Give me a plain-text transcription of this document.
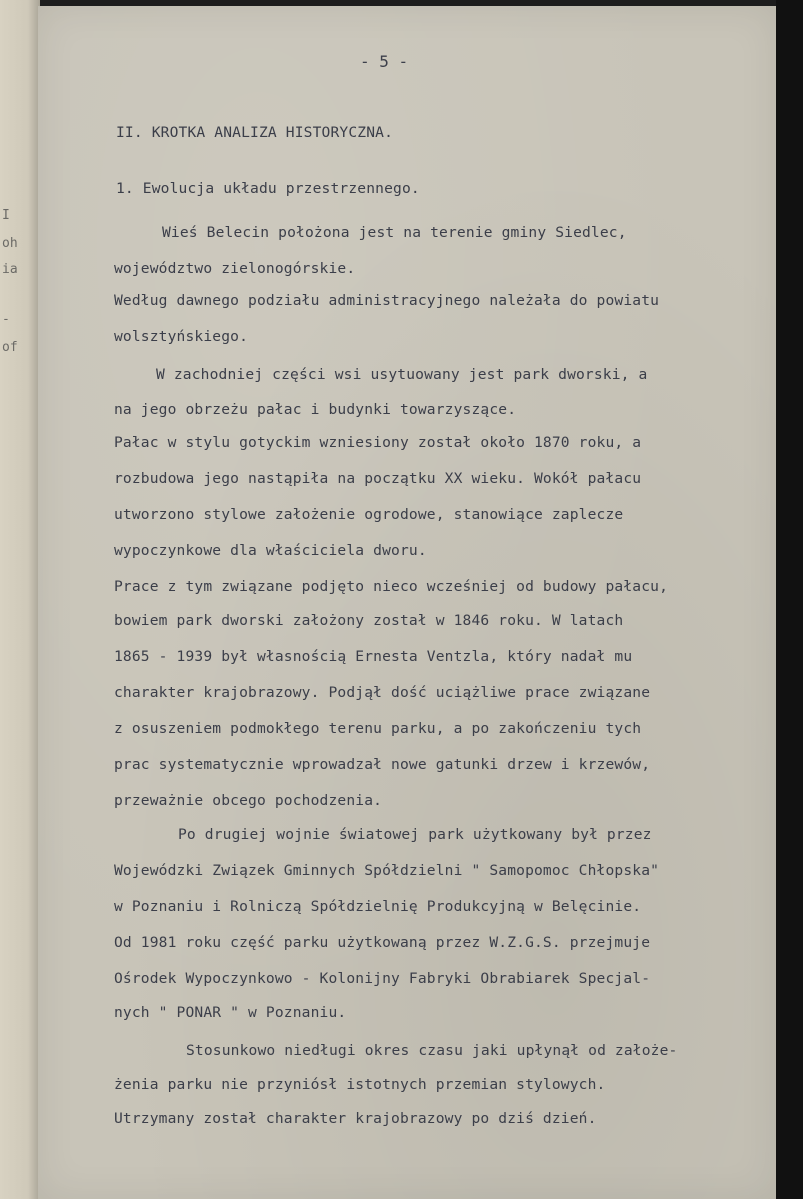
I
oh
ia
-
of
- 5 -
II. KROTKA ANALIZA HISTORYCZNA.
1. Ewolucja układu przestrzennego.
Wieś Belecin położona jest na terenie gminy Siedlec,
województwo zielonogórskie.
Według dawnego podziału administracyjnego należała do powiatu
wolsztyńskiego.
W zachodniej części wsi usytuowany jest park dworski, a
na jego obrzeżu pałac i budynki towarzyszące.
Pałac w stylu gotyckim wzniesiony został około 1870 roku, a
rozbudowa jego nastąpiła na początku XX wieku. Wokół pałacu
utworzono stylowe założenie ogrodowe, stanowiące zaplecze
wypoczynkowe dla właściciela dworu.
Prace z tym związane podjęto nieco wcześniej od budowy pałacu,
bowiem park dworski założony został w 1846 roku. W latach
1865 - 1939 był własnością Ernesta Ventzla, który nadał mu
charakter krajobrazowy. Podjął dość uciążliwe prace związane
z osuszeniem podmokłego terenu parku, a po zakończeniu tych
prac systematycznie wprowadzał nowe gatunki drzew i krzewów,
przeważnie obcego pochodzenia.
Po drugiej wojnie światowej park użytkowany był przez
Wojewódzki Związek Gminnych Spółdzielni " Samopomoc Chłopska"
w Poznaniu i Rolniczą Spółdzielnię Produkcyjną w Belęcinie.
Od 1981 roku część parku użytkowaną przez W.Z.G.S. przejmuje
Ośrodek Wypoczynkowo - Kolonijny Fabryki Obrabiarek Specjal-
nych " PONAR " w Poznaniu.
Stosunkowo niedługi okres czasu jaki upłynął od założe-
żenia parku nie przyniósł istotnych przemian stylowych.
Utrzymany został charakter krajobrazowy po dziś dzień.
